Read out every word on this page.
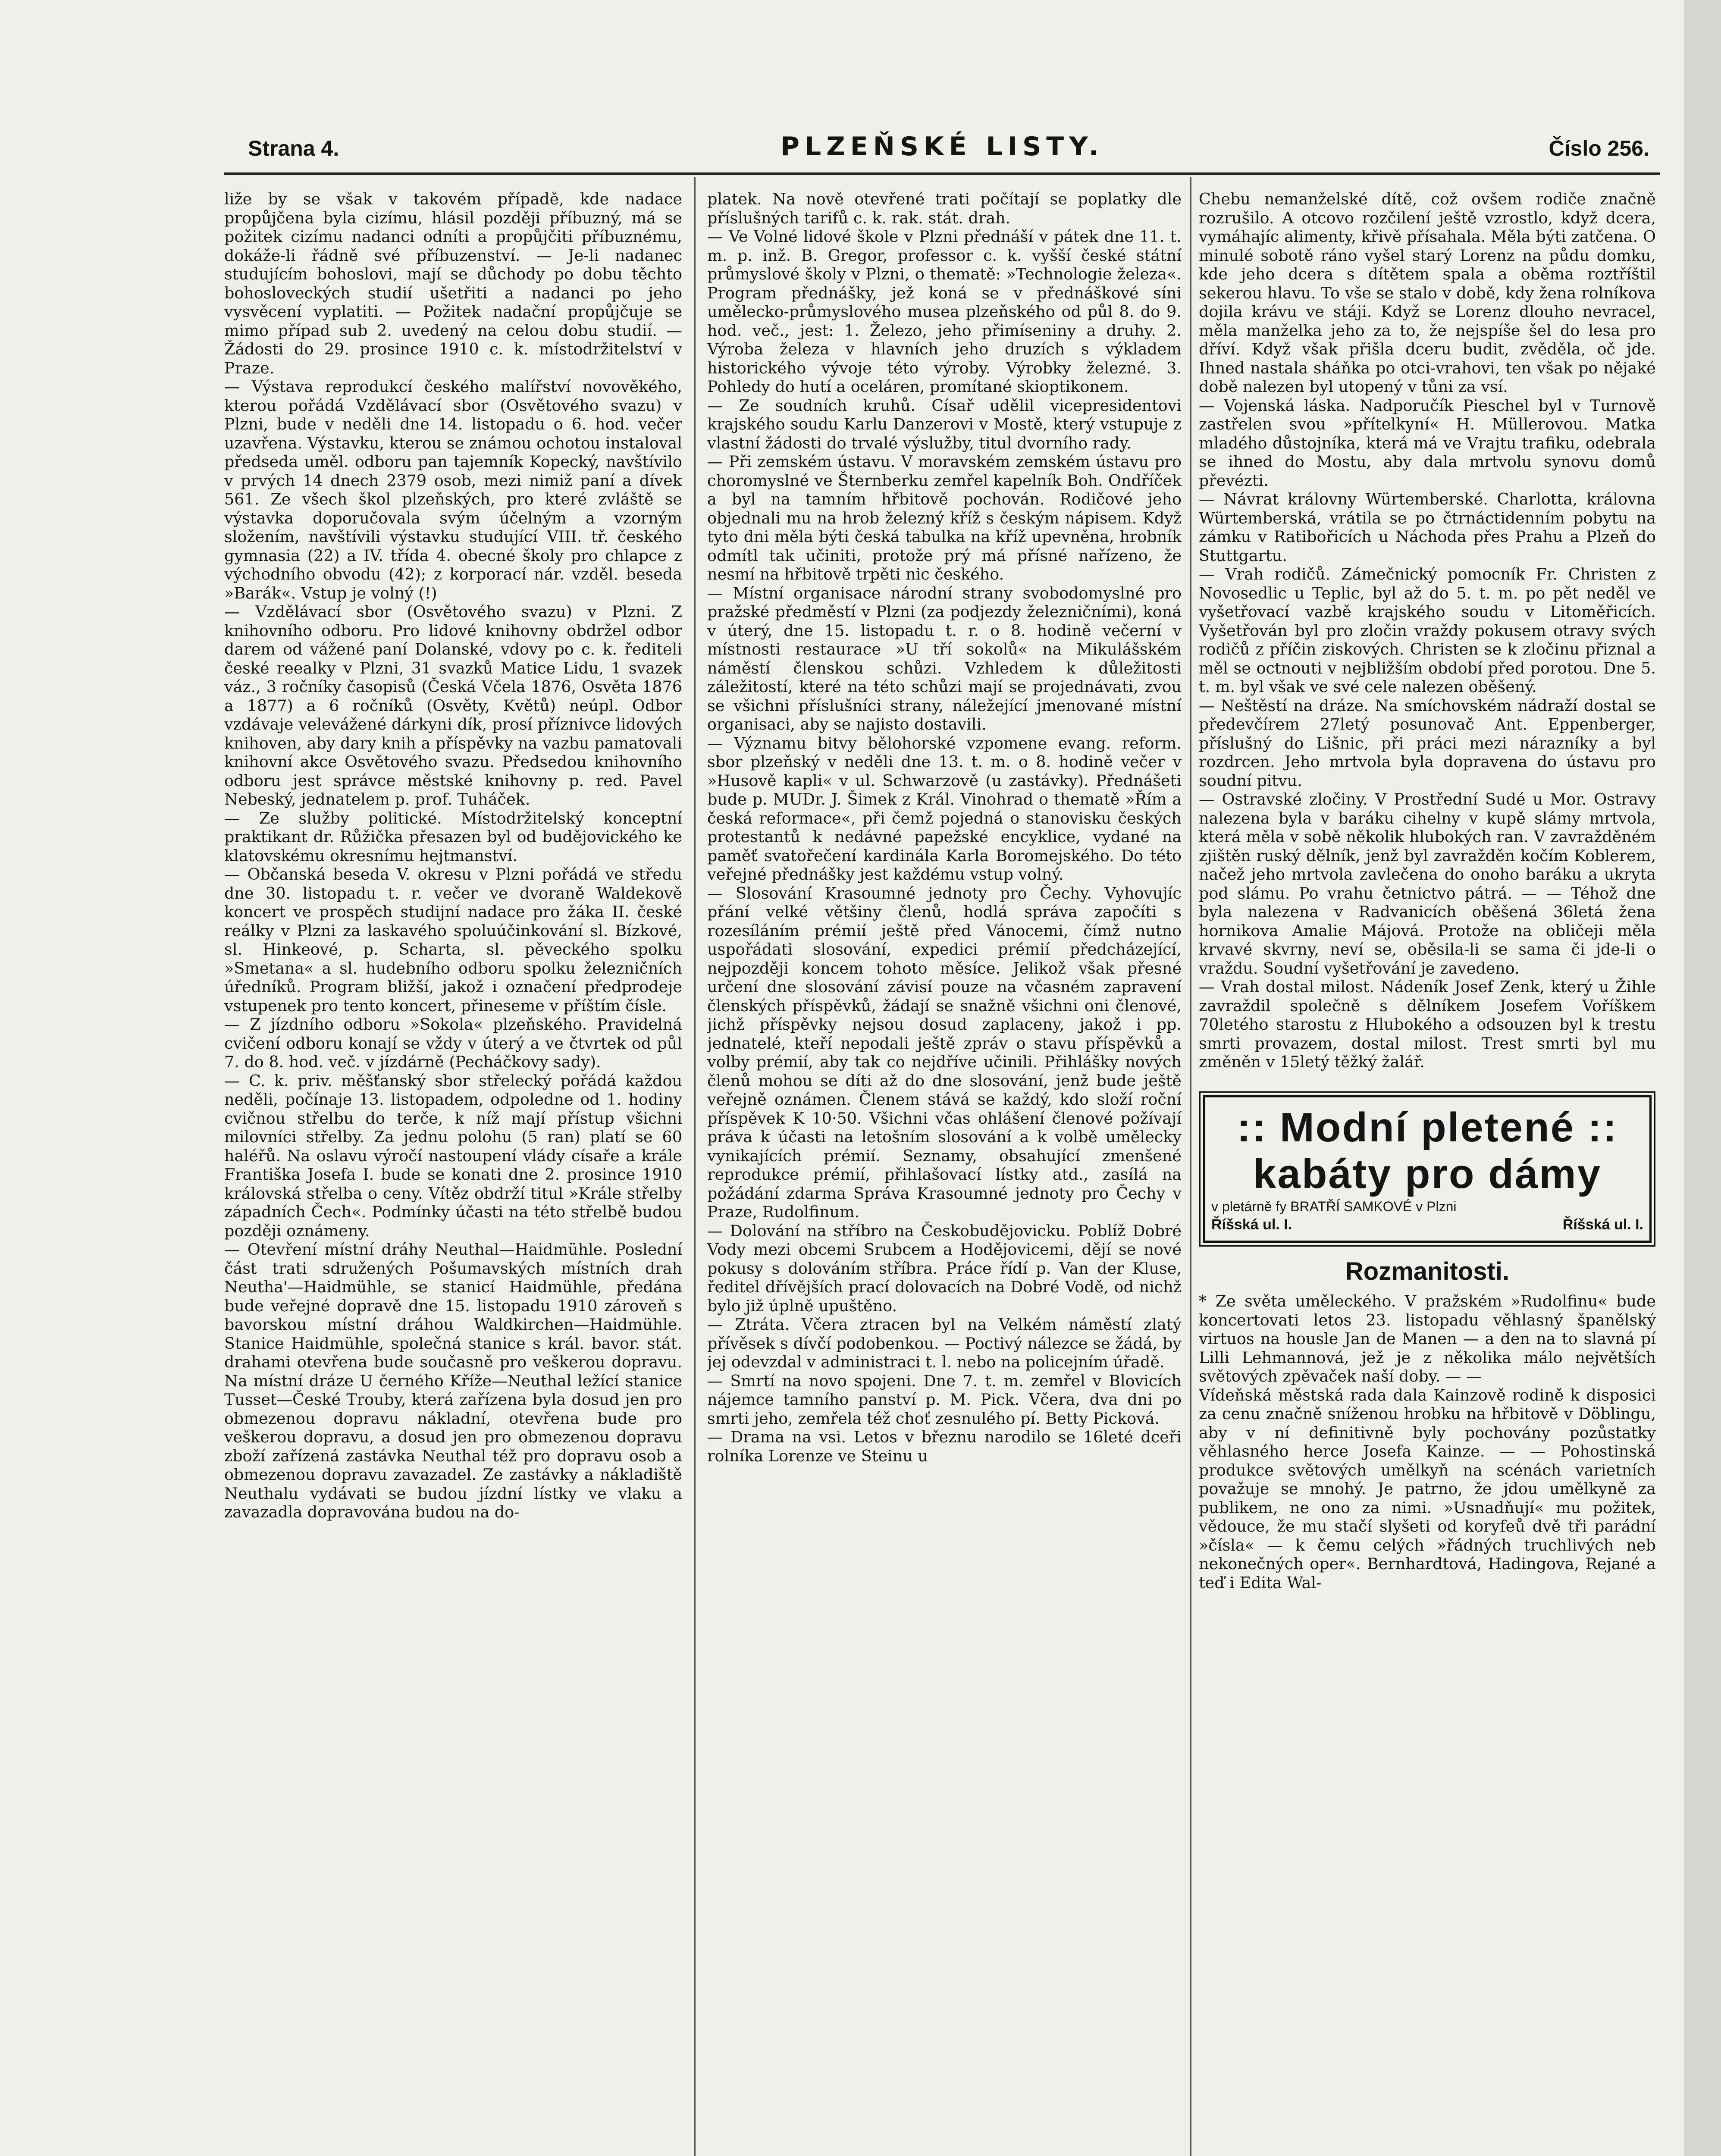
Strana 4.	PLZEŇSKÉ LISTY.	Číslo 256.

liže by se však v takovém případě, kde nadace propůjčena byla cizímu, hlásil později příbuzný, má se požitek cizímu nadanci odníti a propůjčiti příbuznému, dokáže-li řádně své příbuzenství. — Je-li nadanec studujícím bohoslovi, mají se důchody po dobu těchto bohosloveckých studií ušetřiti a nadanci po jeho vysvěcení vyplatiti. — Požitek nadační propůjčuje se mimo případ sub 2. uvedený na celou dobu studií. — Žádosti do 29. prosince 1910 c. k. místodržitelství v Praze.

— Výstava reprodukcí českého malířství novověkého, kterou pořádá Vzdělávací sbor (Osvětového svazu) v Plzni, bude v neděli dne 14. listopadu o 6. hod. večer uzavřena. Výstavku, kterou se známou ochotou instaloval předseda uměl. odboru pan tajemník Kopecký, navštívilo v prvých 14 dnech 2379 osob, mezi nimiž paní a dívek 561. Ze všech škol plzeňských, pro které zvláště se výstavka doporučovala svým účelným a vzorným složením, navštívili výstavku studující VIII. tř. českého gymnasia (22) a IV. třída 4. obecné školy pro chlapce z východního obvodu (42); z korporací nár. vzděl. beseda »Barák«. Vstup je volný (!)

— Vzdělávací sbor (Osvětového svazu) v Plzni. Z knihovního odboru. Pro lidové knihovny obdržel odbor darem od vážené paní Dolanské, vdovy po c. k. řediteli české reealky v Plzni, 31 svazků Matice Lidu, 1 svazek váz., 3 ročníky časopisů (Česká Včela 1876, Osvěta 1876 a 1877) a 6 ročníků (Osvěty, Květů) neúpl. Odbor vzdávaje velevážené dárkyni dík, prosí příznivce lidových knihoven, aby dary knih a příspěvky na vazbu pamatovali knihovní akce Osvětového svazu. Předsedou knihovního odboru jest správce městské knihovny p. red. Pavel Nebeský, jednatelem p. prof. Tuháček.

— Ze služby politické. Místodržitelský konceptní praktikant dr. Růžička přesazen byl od budějovického ke klatovskému okresnímu hejtmanství.

— Občanská beseda V. okresu v Plzni pořádá ve středu dne 30. listopadu t. r. večer ve dvoraně Waldekově koncert ve prospěch studijní nadace pro žáka II. české reálky v Plzni za laskavého spoluúčinkování sl. Bízkové, sl. Hinkeové, p. Scharta, sl. pěveckého spolku »Smetana« a sl. hudebního odboru spolku železničních úředníků. Program bližší, jakož i označení předprodeje vstupenek pro tento koncert, přineseme v příštím čísle.

— Z jízdního odboru »Sokola« plzeňského. Pravidelná cvičení odboru konají se vždy v úterý a ve čtvrtek od půl 7. do 8. hod. več. v jízdárně (Pecháčkovy sady).

— C. k. priv. měšťanský sbor střelecký pořádá každou neděli, počínaje 13. listopadem, odpoledne od 1. hodiny cvičnou střelbu do terče, k níž mají přístup všichni milovníci střelby. Za jednu polohu (5 ran) platí se 60 haléřů. Na oslavu výročí nastoupení vlády císaře a krále Františka Josefa I. bude se konati dne 2. prosince 1910 královská střelba o ceny. Vítěz obdrží titul »Krále střelby západních Čech«. Podmínky účasti na této střelbě budou později oznámeny.

— Otevření místní dráhy Neuthal—Haidmühle. Poslední část trati sdružených Pošumavských místních drah Neutha'—Haidmühle, se stanicí Haidmühle, předána bude veřejné dopravě dne 15. listopadu 1910 zároveň s bavorskou místní dráhou Waldkirchen—Haidmühle. Stanice Haidmühle, společná stanice s král. bavor. stát. drahami otevřena bude současně pro veškerou dopravu. Na místní dráze U černého Kříže—Neuthal ležící stanice Tusset—České Trouby, která zařízena byla dosud jen pro obmezenou dopravu nákladní, otevřena bude pro veškerou dopravu, a dosud jen pro obmezenou dopravu zboží zařízená zastávka Neuthal též pro dopravu osob a obmezenou dopravu zavazadel. Ze zastávky a nákladiště Neuthalu vydávati se budou jízdní lístky ve vlaku a zavazadla dopravována budou na do-

platek. Na nově otevřené trati počítají se poplatky dle příslušných tarifů c. k. rak. stát. drah.

— Ve Volné lidové škole v Plzni přednáší v pátek dne 11. t. m. p. inž. B. Gregor, professor c. k. vyšší české státní průmyslové školy v Plzni, o thematě: »Technologie železa«. Program přednášky, jež koná se v přednáškové síni umělecko-průmyslového musea plzeňského od půl 8. do 9. hod. več., jest: 1. Železo, jeho přimíseniny a druhy. 2. Výroba železa v hlavních jeho druzích s výkladem historického vývoje této výroby. Výrobky železné. 3. Pohledy do hutí a oceláren, promítané skioptikonem.

— Ze soudních kruhů. Císař udělil vicepresidentovi krajského soudu Karlu Danzerovi v Mostě, který vstupuje z vlastní žádosti do trvalé výslužby, titul dvorního rady.

— Při zemském ústavu. V moravském zemském ústavu pro choromyslné ve Šternberku zemřel kapelník Boh. Ondříček a byl na tamním hřbitově pochován. Rodičové jeho objednali mu na hrob železný kříž s českým nápisem. Když tyto dni měla býti česká tabulka na kříž upevněna, hrobník odmítl tak učiniti, protože prý má přísné nařízeno, že nesmí na hřbitově trpěti nic českého.

— Místní organisace národní strany svobodomyslné pro pražské předměstí v Plzni (za podjezdy železničními), koná v úterý, dne 15. listopadu t. r. o 8. hodině večerní v místnosti restaurace »U tří sokolů« na Mikulášském náměstí členskou schůzi. Vzhledem k důležitosti záležitostí, které na této schůzi mají se projednávati, zvou se všichni příslušníci strany, náležející jmenované místní organisaci, aby se najisto dostavili.

— Významu bitvy bělohorské vzpomene evang. reform. sbor plzeňský v neděli dne 13. t. m. o 8. hodině večer v »Husově kapli« v ul. Schwarzově (u zastávky). Přednášeti bude p. MUDr. J. Šimek z Král. Vinohrad o thematě »Řím a česká reformace«, při čemž pojedná o stanovisku českých protestantů k nedávné papežské encyklice, vydané na paměť svatořečení kardinála Karla Boromejského. Do této veřejné přednášky jest každému vstup volný.

— Slosování Krasoumné jednoty pro Čechy. Vyhovujíc přání velké většiny členů, hodlá správa započíti s rozesíláním prémií ještě před Vánocemi, čímž nutno uspořádati slosování, expedici prémií předcházející, nejpozději koncem tohoto měsíce. Jelikož však přesné určení dne slosování závisí pouze na včasném zapravení členských příspěvků, žádají se snažně všichni oni členové, jichž příspěvky nejsou dosud zaplaceny, jakož i pp. jednatelé, kteří nepodali ještě zpráv o stavu příspěvků a volby prémií, aby tak co nejdříve učinili. Přihlášky nových členů mohou se díti až do dne slosování, jenž bude ještě veřejně oznámen. Členem stává se každý, kdo složí roční příspěvek K 10·50. Všichni včas ohlášení členové požívají práva k účasti na letošním slosování a k volbě umělecky vynikajících prémií. Seznamy, obsahující zmenšené reprodukce prémií, přihlašovací lístky atd., zasílá na požádání zdarma Správa Krasoumné jednoty pro Čechy v Praze, Rudolfinum.

— Dolování na stříbro na Českobudějovicku. Poblíž Dobré Vody mezi obcemi Srubcem a Hodějovicemi, dějí se nové pokusy s dolováním stříbra. Práce řídí p. Van der Kluse, ředitel dřívějších prací dolovacích na Dobré Vodě, od nichž bylo již úplně upuštěno.

— Ztráta. Včera ztracen byl na Velkém náměstí zlatý přívěsek s dívčí podobenkou. — Poctivý nálezce se žádá, by jej odevzdal v administraci t. l. nebo na policejním úřadě.

— Smrtí na novo spojeni. Dne 7. t. m. zemřel v Blovicích nájemce tamního panství p. M. Pick. Včera, dva dni po smrti jeho, zemřela též choť zesnulého pí. Betty Picková.

— Drama na vsi. Letos v březnu narodilo se 16leté dceři rolníka Lorenze ve Steinu u

Chebu nemanželské dítě, což ovšem rodiče značně rozrušilo. A otcovo rozčilení ještě vzrostlo, když dcera, vymáhajíc alimenty, křivě přísahala. Měla býti zatčena. O minulé sobotě ráno vyšel starý Lorenz na půdu domku, kde jeho dcera s dítětem spala a oběma roztříštil sekerou hlavu. To vše se stalo v době, kdy žena rolníkova dojila krávu ve stáji. Když se Lorenz dlouho nevracel, měla manželka jeho za to, že nejspíše šel do lesa pro dříví. Když však přišla dceru budit, zvěděla, oč jde. Ihned nastala sháňka po otci-vrahovi, ten však po nějaké době nalezen byl utopený v tůni za vsí.

— Vojenská láska. Nadporučík Pieschel byl v Turnově zastřelen svou »přítelkyní« H. Müllerovou. Matka mladého důstojníka, která má ve Vrajtu trafiku, odebrala se ihned do Mostu, aby dala mrtvolu synovu domů převézti.

— Návrat královny Würtemberské. Charlotta, královna Würtemberská, vrátila se po čtrnáctidenním pobytu na zámku v Ratibořicích u Náchoda přes Prahu a Plzeň do Stuttgartu.

— Vrah rodičů. Zámečnický pomocník Fr. Christen z Novosedlic u Teplic, byl až do 5. t. m. po pět neděl ve vyšetřovací vazbě krajského soudu v Litoměřicích. Vyšetřován byl pro zločin vraždy pokusem otravy svých rodičů z příčin ziskových. Christen se k zločinu přiznal a měl se octnouti v nejbližším období před porotou. Dne 5. t. m. byl však ve své cele nalezen oběšený.

— Neštěstí na dráze. Na smíchovském nádraží dostal se předevčírem 27letý posunovač Ant. Eppenberger, příslušný do Lišnic, při práci mezi nárazníky a byl rozdrcen. Jeho mrtvola byla dopravena do ústavu pro soudní pitvu.

— Ostravské zločiny. V Prostřední Sudé u Mor. Ostravy nalezena byla v baráku cihelny v kupě slámy mrtvola, která měla v sobě několik hlubokých ran. V zavražděném zjištěn ruský dělník, jenž byl zavražděn kočím Koblerem, načež jeho mrtvola zavlečena do onoho baráku a ukryta pod slámu. Po vrahu četnictvo pátrá. — — Téhož dne byla nalezena v Radvanicích oběšená 36letá žena hornikova Amalie Májová. Protože na obličeji měla krvavé skvrny, neví se, oběsila-li se sama či jde-li o vraždu. Soudní vyšetřování je zavedeno.

— Vrah dostal milost. Nádeník Josef Zenk, který u Žihle zavraždil společně s dělníkem Josefem Voříškem 70letého starostu z Hlubokého a odsouzen byl k trestu smrti provazem, dostal milost. Trest smrti byl mu změněn v 15letý těžký žalář.

:: Modní pletené :: kabáty pro dámy
v pletárně fy BRATŘÍ SAMKOVÉ v Plzni
Říšská ul. I.	Říšská ul. I.
Rozmanitosti.

* Ze světa uměleckého. V pražském »Rudolfinu« bude koncertovati letos 23. listopadu věhlasný španělský virtuos na housle Jan de Manen — a den na to slavná pí Lilli Lehmannová, jež je z několika málo největších světových zpěvaček naší doby. — —

Vídeňská městská rada dala Kainzově rodině k disposici za cenu značně sníženou hrobku na hřbitově v Döblingu, aby v ní definitivně byly pochovány pozůstatky věhlasného herce Josefa Kainze. — — Pohostinská produkce světových umělkyň na scénách varietních považuje se mnohý. Je patrno, že jdou umělkyně za publikem, ne ono za nimi. »Usnadňují« mu požitek, vědouce, že mu stačí slyšeti od koryfeů dvě tři parádní »čísla« — k čemu celých »řádných truchlivých neb nekonečných oper«. Bernhardtová, Hadingova, Rejané a teď i Edita Wal-
